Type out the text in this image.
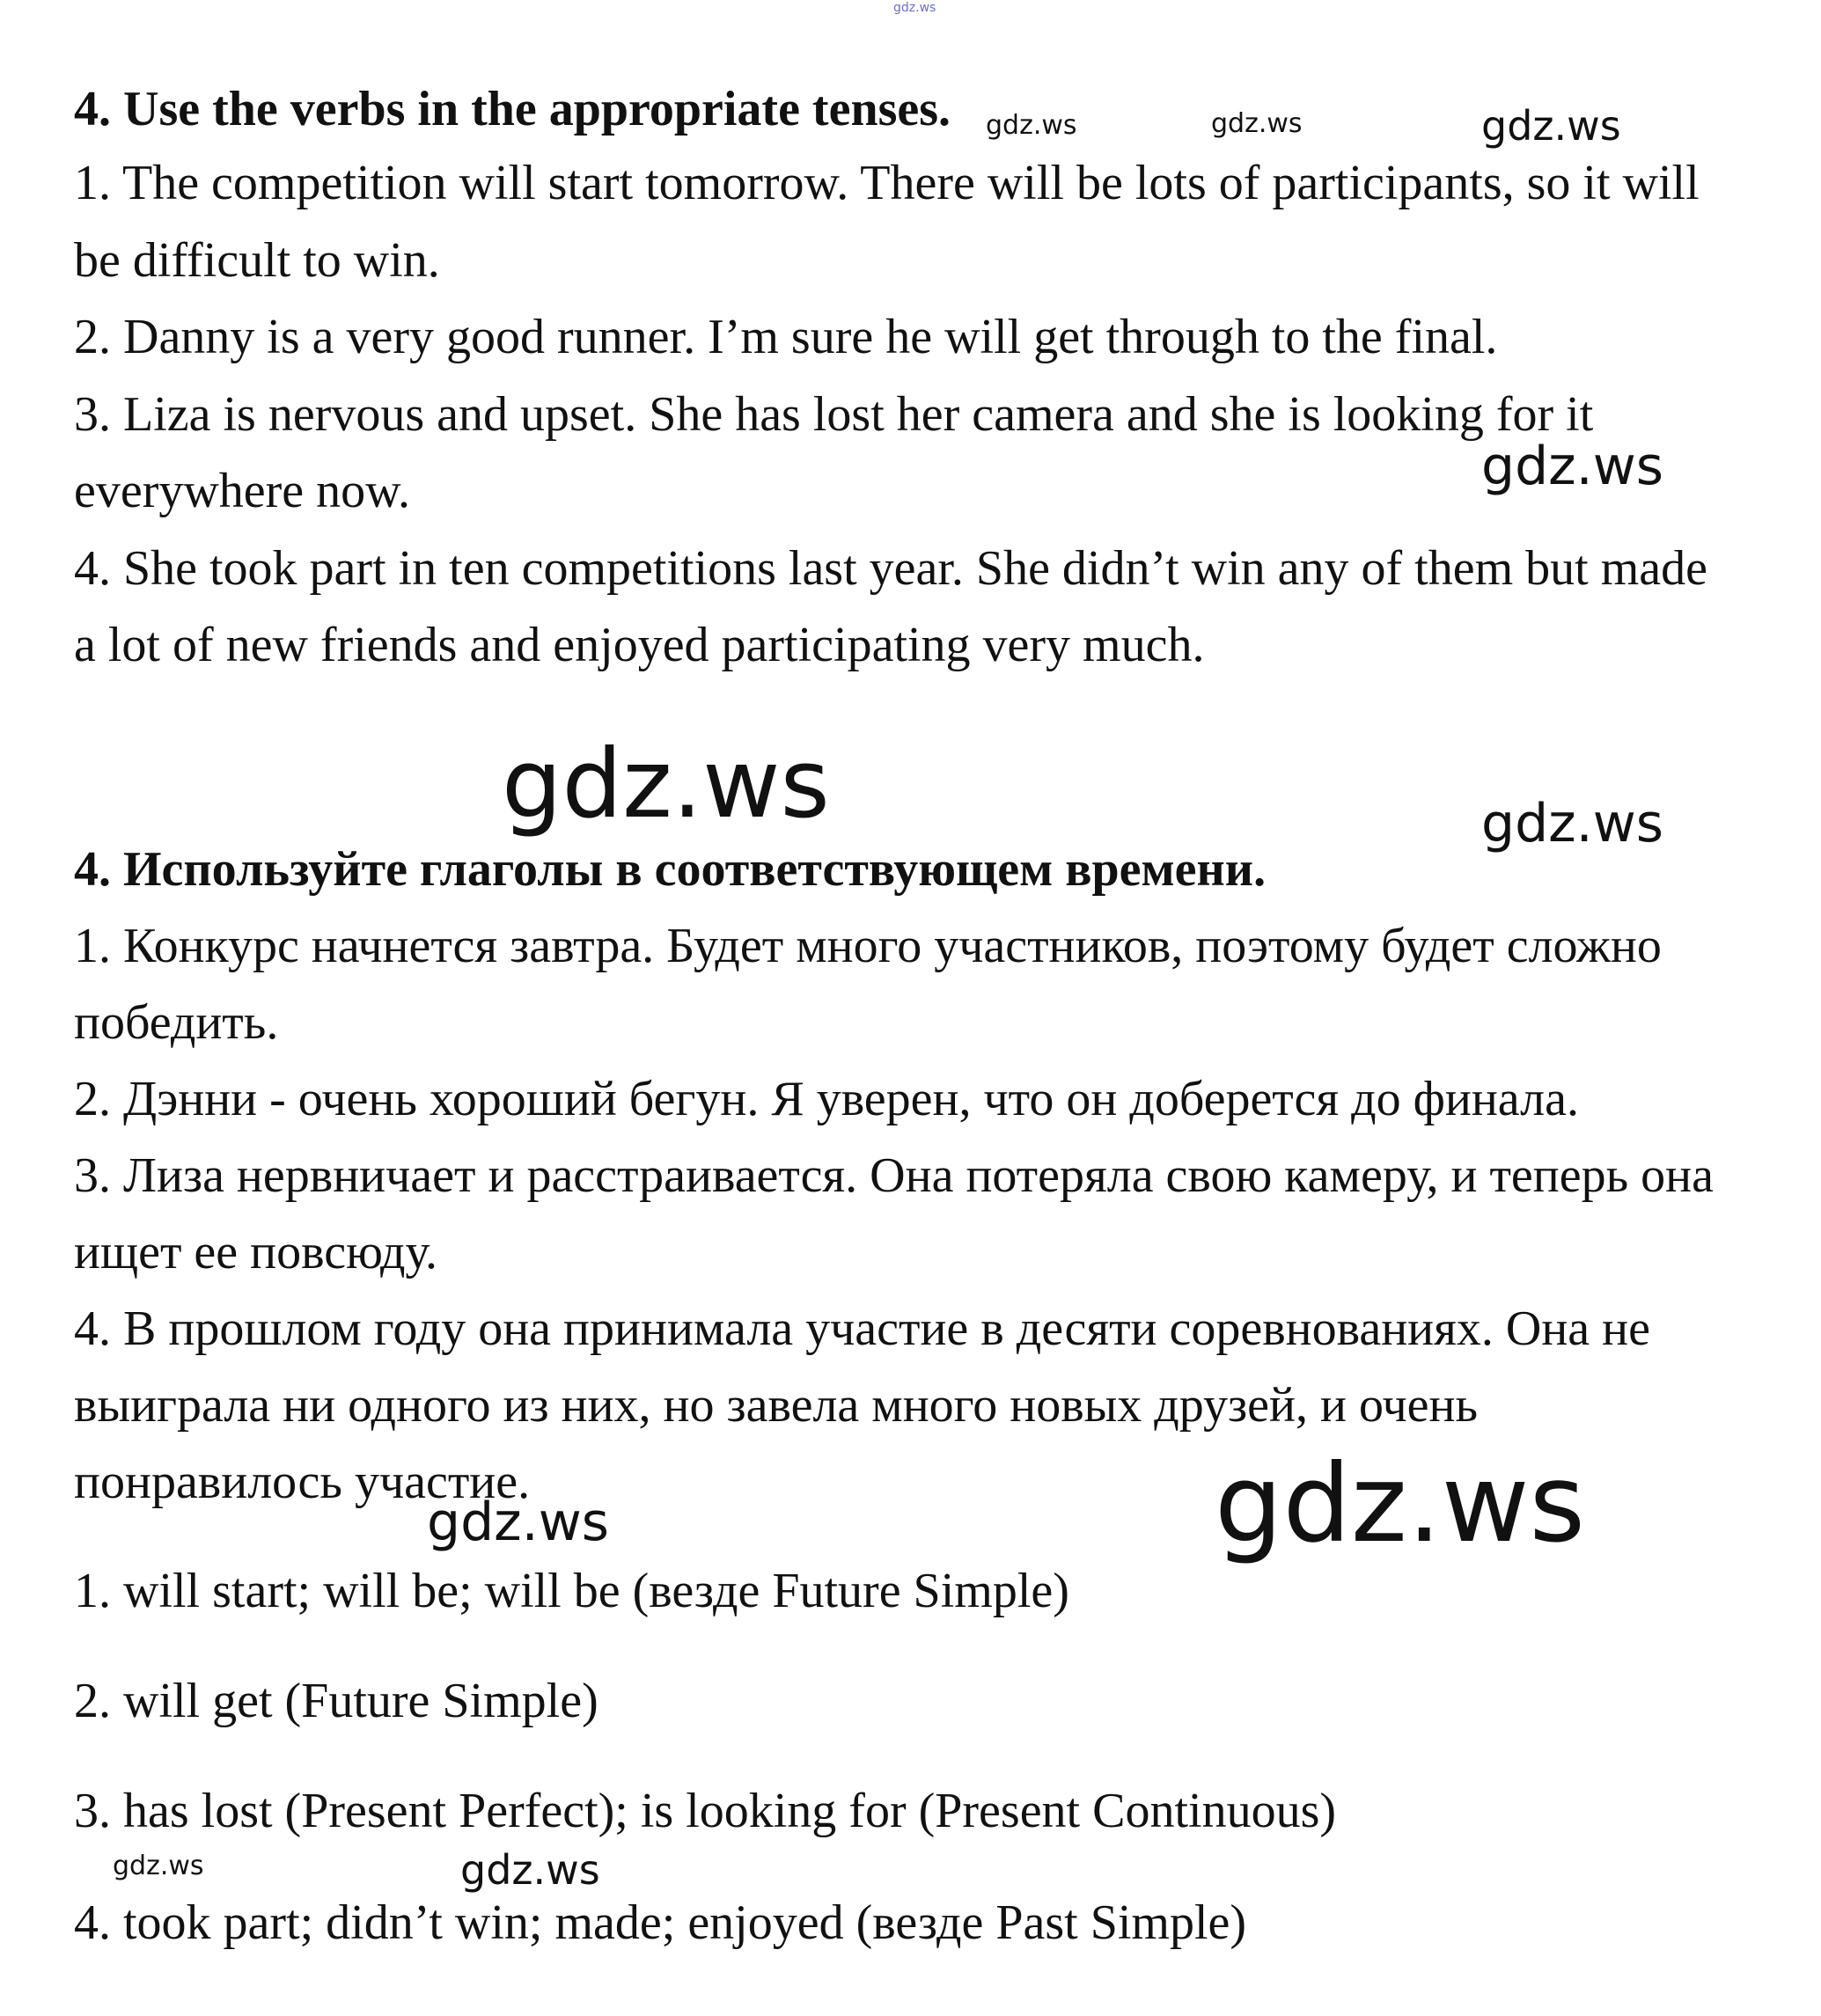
gdz.ws
gdz.ws	gdz.ws	gdz.ws
gdz.ws
gdz.ws	gdz.ws
gdz.ws
gdz.ws
gdz.ws	gdz.ws
4. Use the verbs in the appropriate tenses.
1. The competition will start tomorrow. There will be lots of participants, so it will
be difficult to win.
2. Danny is a very good runner. I’m sure he will get through to the final.
3. Liza is nervous and upset. She has lost her camera and she is looking for it
everywhere now.
4. She took part in ten competitions last year. She didn’t win any of them but made
a lot of new friends and enjoyed participating very much.
4. Используйте глаголы в соответствующем времени.
1. Конкурс начнется завтра. Будет много участников, поэтому будет сложно
победить.
2. Дэнни - очень хороший бегун. Я уверен, что он доберется до финала.
3. Лиза нервничает и расстраивается. Она потеряла свою камеру, и теперь она
ищет ее повсюду.
4. В прошлом году она принимала участие в десяти соревнованиях. Она не
выиграла ни одного из них, но завела много новых друзей, и очень
понравилось участие.
1. will start; will be; will be (везде Future Simple)
2. will get (Future Simple)
3. has lost (Present Perfect); is looking for (Present Continuous)
4. took part; didn’t win; made; enjoyed (везде Past Simple)
